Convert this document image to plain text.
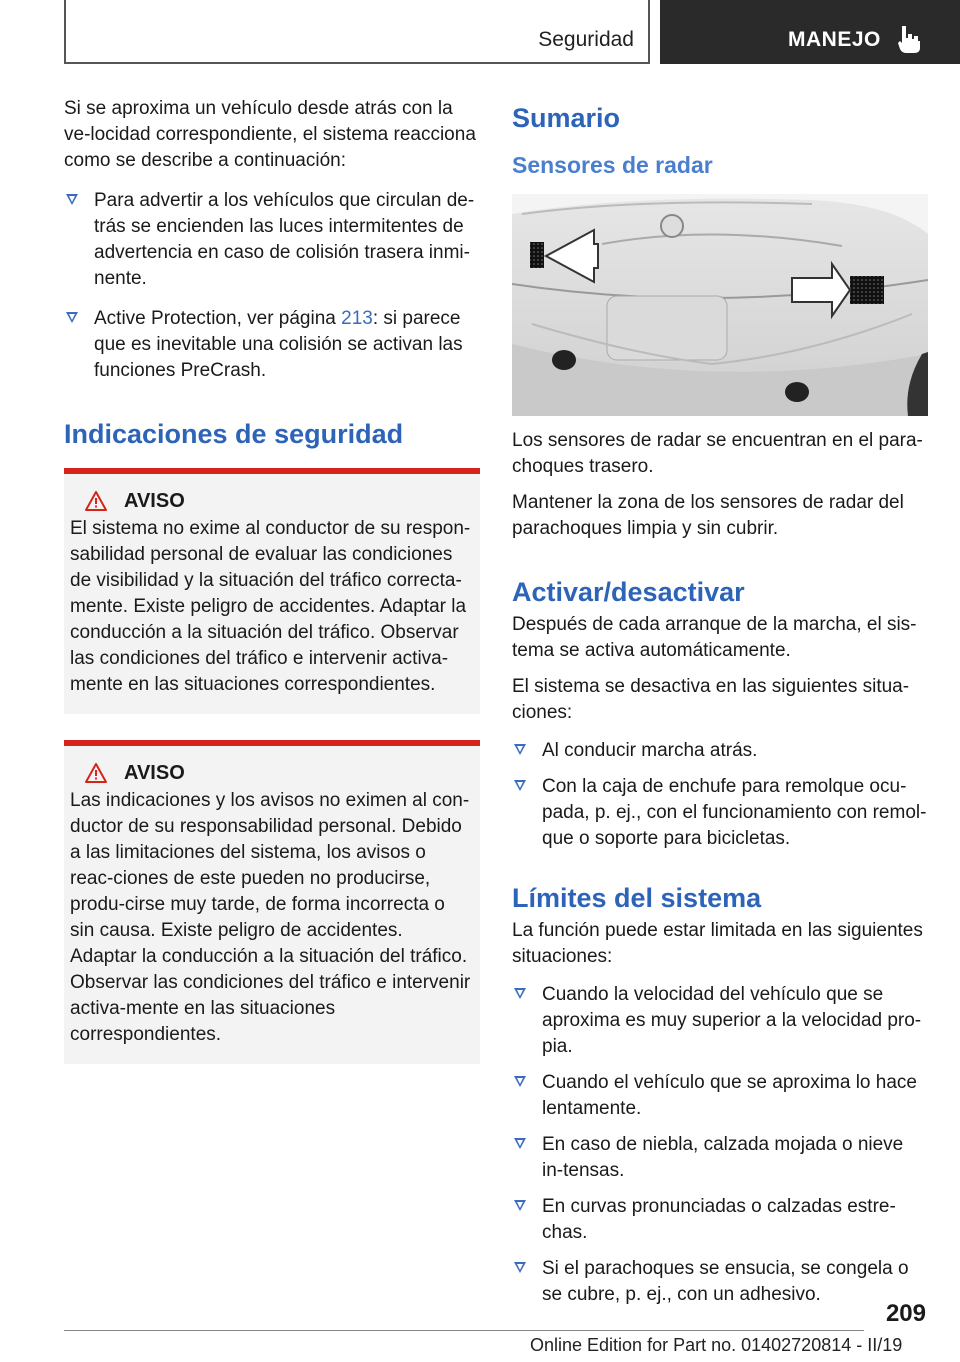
Seguridad	MANEJO

Si se aproxima un vehículo desde atrás con la ve-locidad correspondiente, el sistema reacciona como se describe a continuación:

Para advertir a los vehículos que circulan de-trás se encienden las luces intermitentes de advertencia en caso de colisión trasera inmi-nente.
Active Protection, ver página 213: si parece que es inevitable una colisión se activan las funciones PreCrash.
Indicaciones de seguridad
AVISO

El sistema no exime al conductor de su respon-sabilidad personal de evaluar las condiciones de visibilidad y la situación del tráfico correcta-mente. Existe peligro de accidentes. Adaptar la conducción a la situación del tráfico. Observar las condiciones del tráfico e intervenir activa-mente en las situaciones correspondientes.

AVISO

Las indicaciones y los avisos no eximen al con-ductor de su responsabilidad personal. Debido a las limitaciones del sistema, los avisos o reac-ciones de este pueden no producirse, produ-cirse muy tarde, de forma incorrecta o sin causa. Existe peligro de accidentes. Adaptar la conducción a la situación del tráfico. Observar las condiciones del tráfico e intervenir activa-mente en las situaciones correspondientes.

Sumario
Sensores de radar

Los sensores de radar se encuentran en el para-choques trasero.

Mantener la zona de los sensores de radar del parachoques limpia y sin cubrir.

Activar/desactivar

Después de cada arranque de la marcha, el sis-tema se activa automáticamente.

El sistema se desactiva en las siguientes situa-ciones:

Al conducir marcha atrás.
Con la caja de enchufe para remolque ocu-pada, p. ej., con el funcionamiento con remol-que o soporte para bicicletas.
Límites del sistema

La función puede estar limitada en las siguientes situaciones:

Cuando la velocidad del vehículo que se aproxima es muy superior a la velocidad pro-pia.
Cuando el vehículo que se aproxima lo hace lentamente.
En caso de niebla, calzada mojada o nieve in-tensas.
En curvas pronunciadas o calzadas estre-chas.
Si el parachoques se ensucia, se congela o se cubre, p. ej., con un adhesivo.
209
Online Edition for Part no. 01402720814 - II/19
